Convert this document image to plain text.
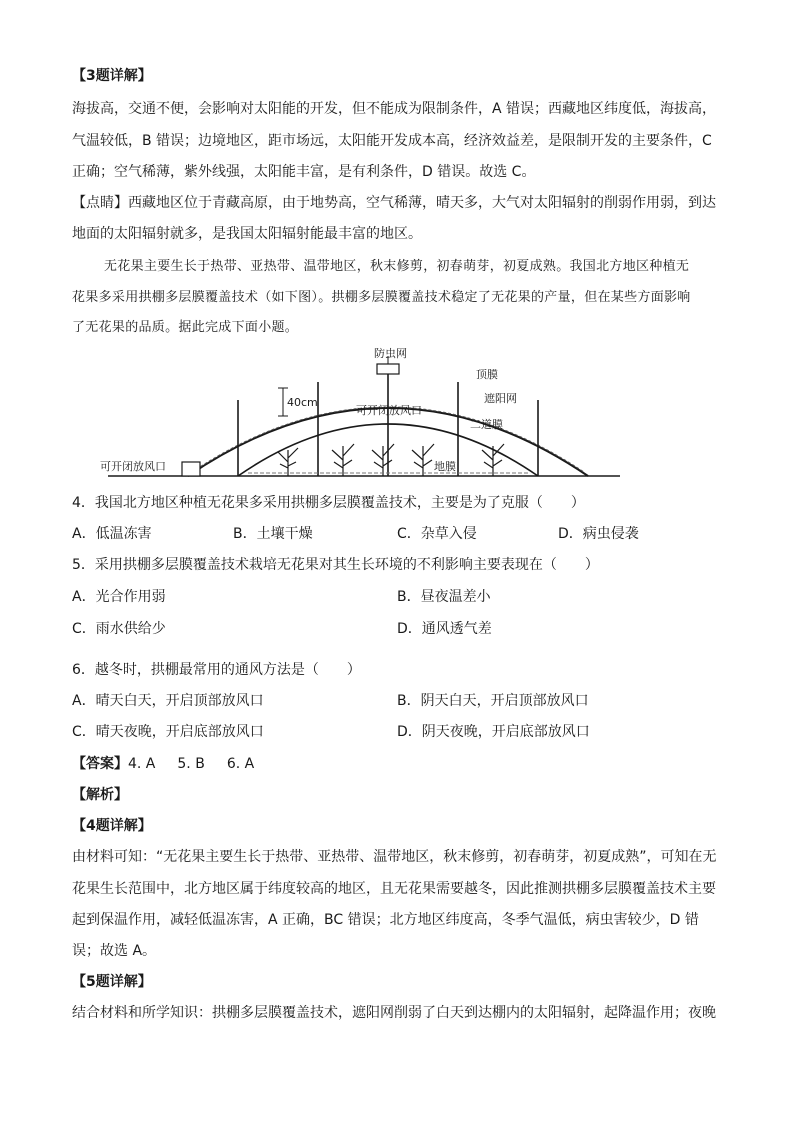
【3题详解】
海拔高，交通不便，会影响对太阳能的开发，但不能成为限制条件，A 错误；西藏地区纬度低，海拔高，
气温较低，B 错误；边境地区，距市场远，太阳能开发成本高，经济效益差，是限制开发的主要条件，C
正确；空气稀薄，紫外线强，太阳能丰富，是有利条件，D 错误。故选 C。
【点睛】西藏地区位于青藏高原，由于地势高，空气稀薄，晴天多，大气对太阳辐射的削弱作用弱，到达
地面的太阳辐射就多，是我国太阳辐射能最丰富的地区。
无花果主要生长于热带、亚热带、温带地区，秋末修剪，初春萌芽，初夏成熟。我国北方地区种植无
花果多采用拱棚多层膜覆盖技术（如下图）。拱棚多层膜覆盖技术稳定了无花果的产量，但在某些方面影响
了无花果的品质。据此完成下面小题。
防虫网
顶膜
遮阳网
40cm
可开闭放风口
二道膜
可开闭放风口	地膜
4．我国北方地区种植无花果多采用拱棚多层膜覆盖技术，主要是为了克服（　　）
A．低温冻害	B．土壤干燥	C．杂草入侵	D．病虫侵袭
5．采用拱棚多层膜覆盖技术栽培无花果对其生长环境的不利影响主要表现在（　　）
A．光合作用弱	B．昼夜温差小
C．雨水供给少	D．通风透气差
6．越冬时，拱棚最常用的通风方法是（　　）
A．晴天白天，开启顶部放风口	B．阴天白天，开启顶部放风口
C．晴天夜晚，开启底部放风口	D．阴天夜晚，开启底部放风口
【答案】4. A 5. B 6. A
【解析】
【4题详解】
由材料可知：“无花果主要生长于热带、亚热带、温带地区，秋末修剪，初春萌芽，初夏成熟”，可知在无
花果生长范围中，北方地区属于纬度较高的地区，且无花果需要越冬，因此推测拱棚多层膜覆盖技术主要
起到保温作用，减轻低温冻害，A 正确，BC 错误；北方地区纬度高，冬季气温低，病虫害较少，D 错
误；故选 A。
【5题详解】
结合材料和所学知识：拱棚多层膜覆盖技术，遮阳网削弱了白天到达棚内的太阳辐射，起降温作用；夜晚
